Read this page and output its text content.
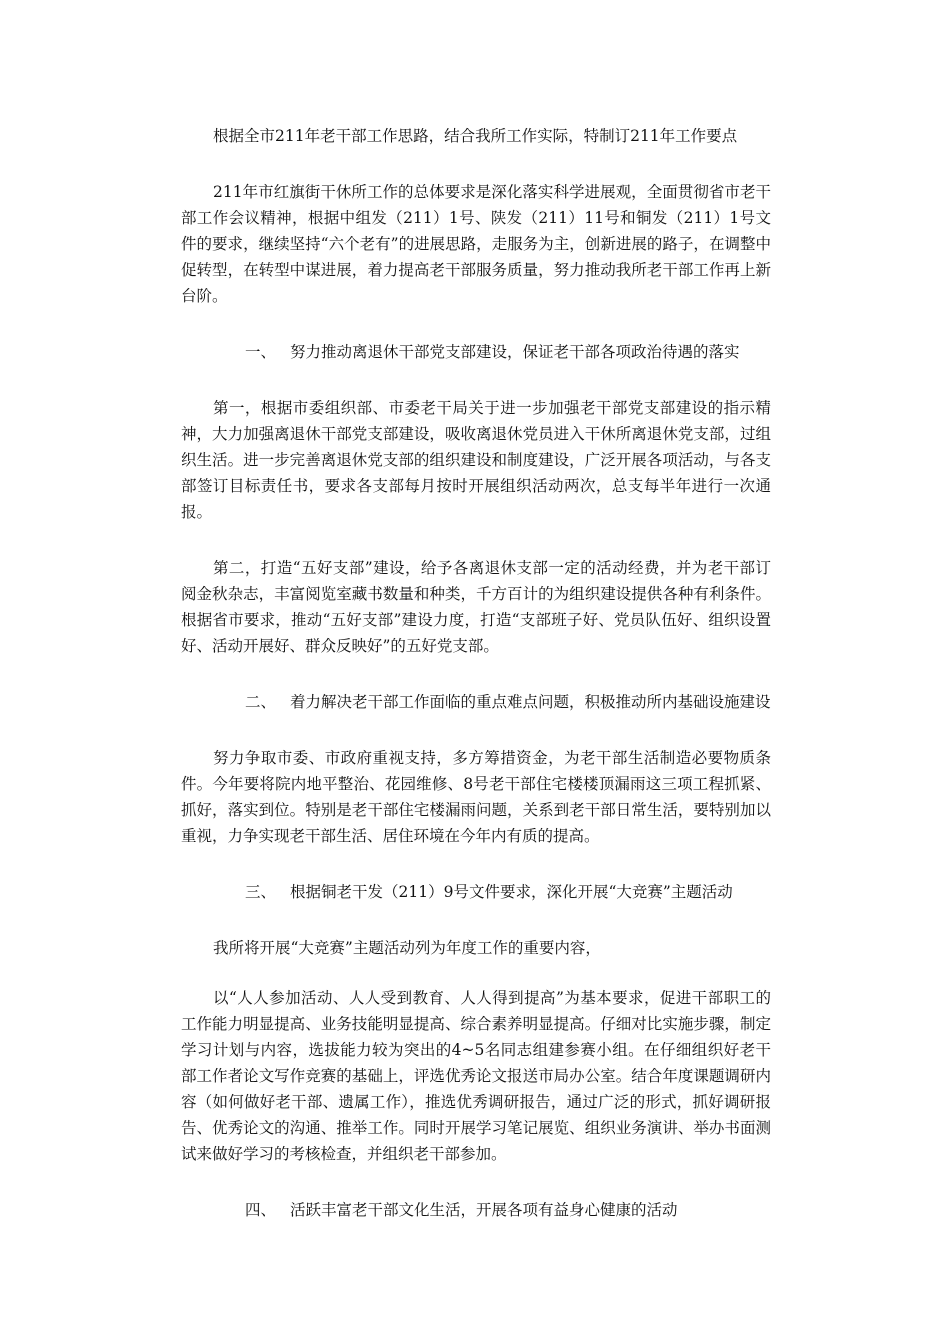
根据全市211年老干部工作思路，结合我所工作实际，特制订211年工作要点

211年市红旗街干休所工作的总体要求是深化落实科学进展观，全面贯彻省市老干部工作会议精神，根据中组发（211）1号、陕发（211）11号和铜发（211）1号文件的要求，继续坚持“六个老有”的进展思路，走服务为主，创新进展的路子，在调整中促转型，在转型中谋进展，着力提高老干部服务质量，努力推动我所老干部工作再上新台阶。

一、 努力推动离退休干部党支部建设，保证老干部各项政治待遇的落实

第一，根据市委组织部、市委老干局关于进一步加强老干部党支部建设的指示精神，大力加强离退休干部党支部建设，吸收离退休党员进入干休所离退休党支部，过组织生活。进一步完善离退休党支部的组织建设和制度建设，广泛开展各项活动，与各支部签订目标责任书，要求各支部每月按时开展组织活动两次，总支每半年进行一次通报。

第二，打造“五好支部”建设，给予各离退休支部一定的活动经费，并为老干部订阅金秋杂志，丰富阅览室藏书数量和种类，千方百计的为组织建设提供各种有利条件。根据省市要求，推动“五好支部”建设力度，打造“支部班子好、党员队伍好、组织设置好、活动开展好、群众反映好”的五好党支部。

二、 着力解决老干部工作面临的重点难点问题，积极推动所内基础设施建设

努力争取市委、市政府重视支持，多方筹措资金，为老干部生活制造必要物质条件。今年要将院内地平整治、花园维修、8号老干部住宅楼楼顶漏雨这三项工程抓紧、抓好，落实到位。特别是老干部住宅楼漏雨问题，关系到老干部日常生活，要特别加以重视，力争实现老干部生活、居住环境在今年内有质的提高。

三、 根据铜老干发（211）9号文件要求，深化开展“大竞赛”主题活动

我所将开展“大竞赛”主题活动列为年度工作的重要内容，

以“人人参加活动、人人受到教育、人人得到提高”为基本要求，促进干部职工的工作能力明显提高、业务技能明显提高、综合素养明显提高。仔细对比实施步骤，制定学习计划与内容，选拔能力较为突出的4~5名同志组建参赛小组。在仔细组织好老干部工作者论文写作竞赛的基础上，评选优秀论文报送市局办公室。结合年度课题调研内容（如何做好老干部、遗属工作），推选优秀调研报告，通过广泛的形式，抓好调研报告、优秀论文的沟通、推举工作。同时开展学习笔记展览、组织业务演讲、举办书面测试来做好学习的考核检查，并组织老干部参加。

四、 活跃丰富老干部文化生活，开展各项有益身心健康的活动
